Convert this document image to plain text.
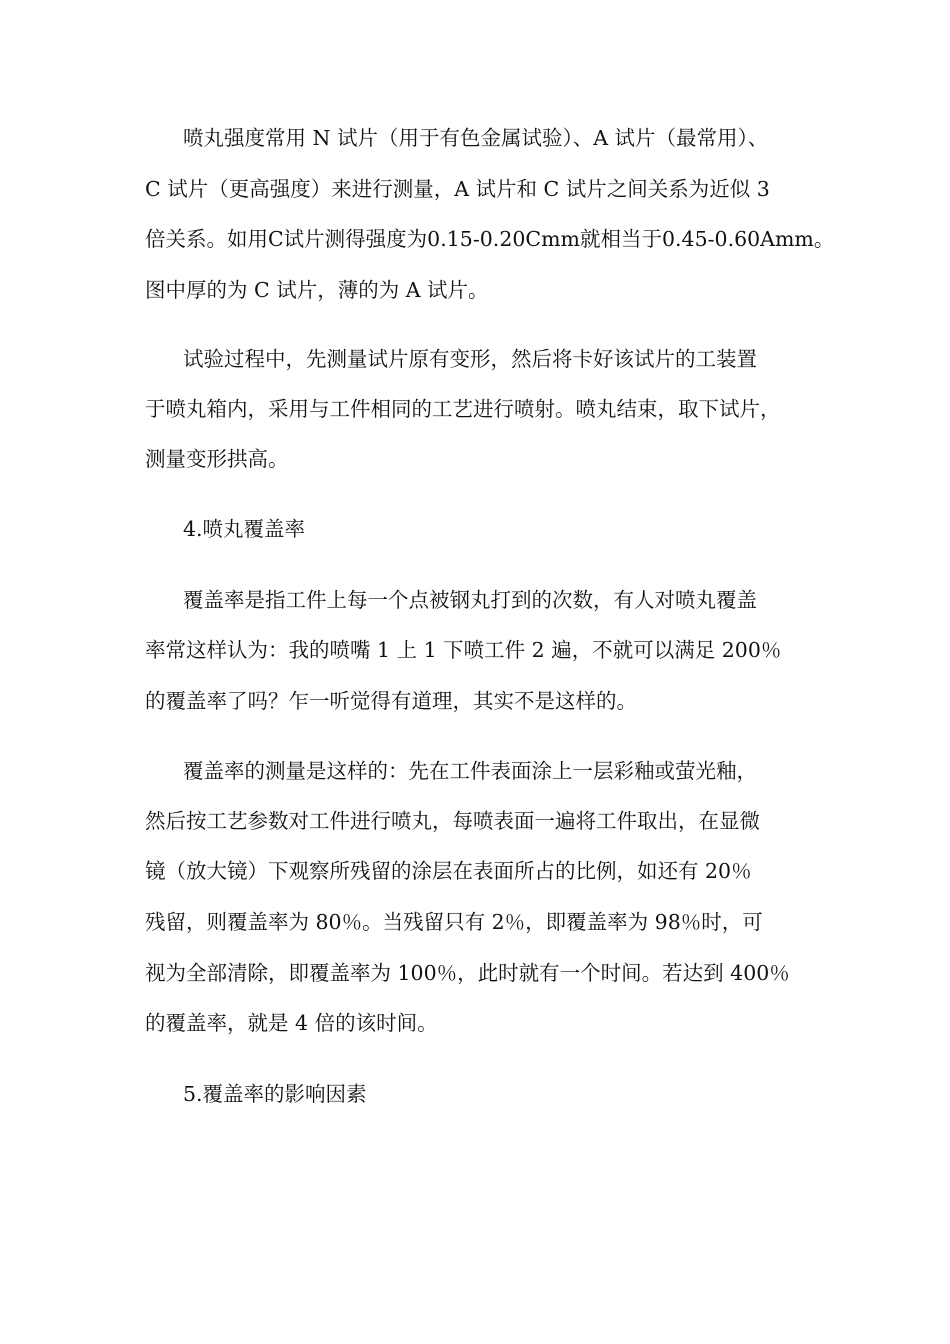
喷丸强度常用 N 试片（用于有色金属试验）、A 试片（最常用）、
C 试片（更高强度）来进行测量，A 试片和 C 试片之间关系为近似 3
倍关系。如用C试片测得强度为0.15-0.20Cmm就相当于0.45-0.60Amm。
图中厚的为 C 试片，薄的为 A 试片。
试验过程中，先测量试片原有变形，然后将卡好该试片的工装置
于喷丸箱内，采用与工件相同的工艺进行喷射。喷丸结束，取下试片，
测量变形拱高。
4.喷丸覆盖率
覆盖率是指工件上每一个点被钢丸打到的次数，有人对喷丸覆盖
率常这样认为：我的喷嘴 1 上 1 下喷工件 2 遍，不就可以满足 200％
的覆盖率了吗？乍一听觉得有道理，其实不是这样的。
覆盖率的测量是这样的：先在工件表面涂上一层彩釉或萤光釉，
然后按工艺参数对工件进行喷丸，每喷表面一遍将工件取出，在显微
镜（放大镜）下观察所残留的涂层在表面所占的比例，如还有 20％
残留，则覆盖率为 80％。当残留只有 2％，即覆盖率为 98％时，可
视为全部清除，即覆盖率为 100％，此时就有一个时间。若达到 400％
的覆盖率，就是 4 倍的该时间。
5.覆盖率的影响因素
